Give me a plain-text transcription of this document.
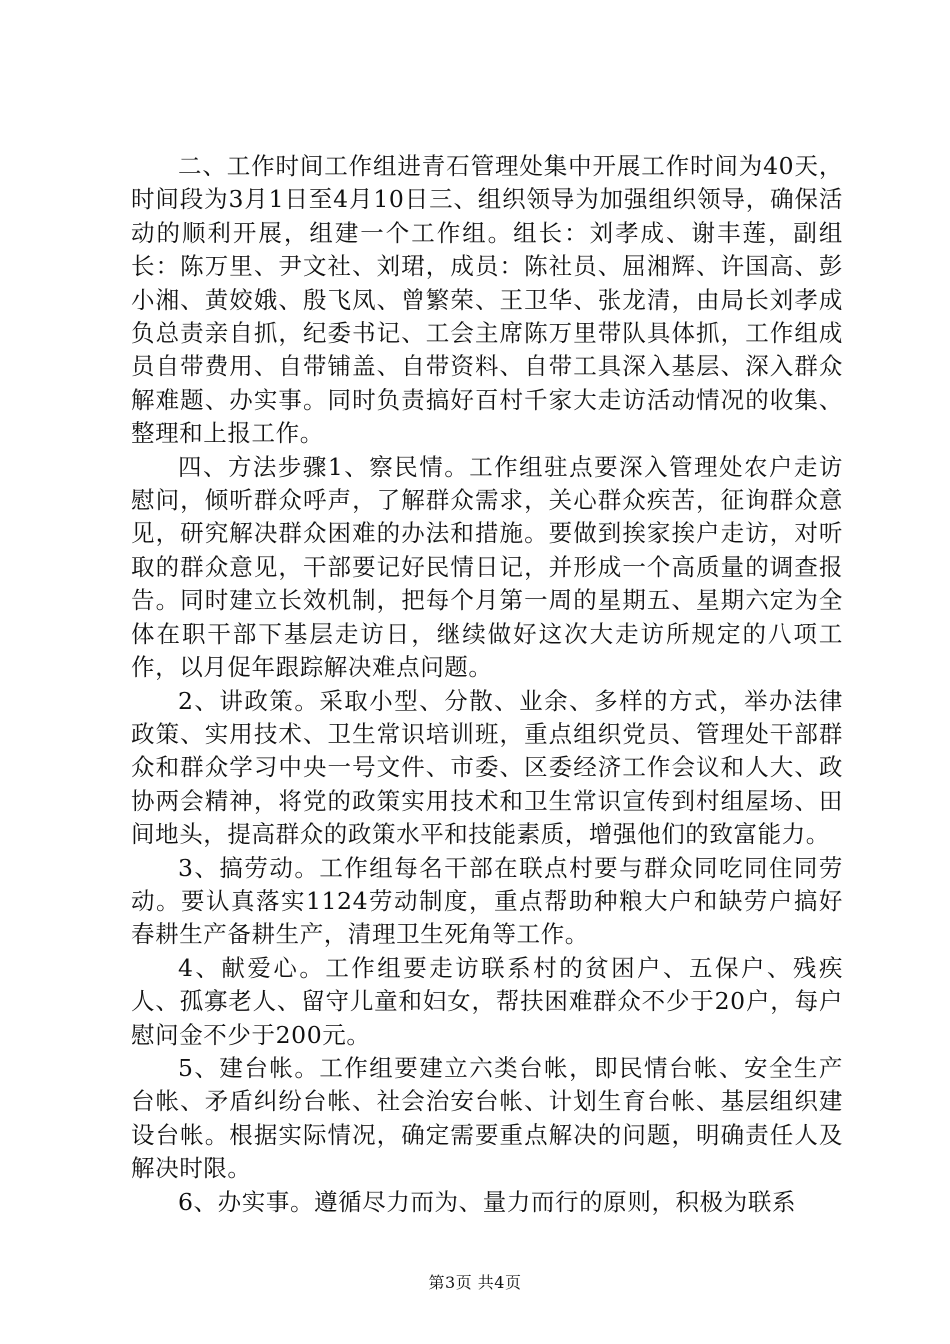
二、工作时间工作组进青石管理处集中开展工作时间为40天，时间段为3月1日至4月10日三、组织领导为加强组织领导，确保活动的顺利开展，组建一个工作组。组长：刘孝成、谢丰莲，副组长：陈万里、尹文社、刘珺，成员：陈社员、屈湘辉、许国高、彭小湘、黄姣娥、殷飞凤、曾繁荣、王卫华、张龙清，由局长刘孝成负总责亲自抓，纪委书记、工会主席陈万里带队具体抓，工作组成员自带费用、自带铺盖、自带资料、自带工具深入基层、深入群众解难题、办实事。同时负责搞好百村千家大走访活动情况的收集、整理和上报工作。

四、方法步骤1、察民情。工作组驻点要深入管理处农户走访慰问，倾听群众呼声，了解群众需求，关心群众疾苦，征询群众意见，研究解决群众困难的办法和措施。要做到挨家挨户走访，对听取的群众意见，干部要记好民情日记，并形成一个高质量的调查报告。同时建立长效机制，把每个月第一周的星期五、星期六定为全体在职干部下基层走访日，继续做好这次大走访所规定的八项工作，以月促年跟踪解决难点问题。

2、讲政策。采取小型、分散、业余、多样的方式，举办法律政策、实用技术、卫生常识培训班，重点组织党员、管理处干部群众和群众学习中央一号文件、市委、区委经济工作会议和人大、政协两会精神，将党的政策实用技术和卫生常识宣传到村组屋场、田间地头，提高群众的政策水平和技能素质，增强他们的致富能力。

3、搞劳动。工作组每名干部在联点村要与群众同吃同住同劳动。要认真落实1124劳动制度，重点帮助种粮大户和缺劳户搞好春耕生产备耕生产，清理卫生死角等工作。

4、献爱心。工作组要走访联系村的贫困户、五保户、残疾人、孤寡老人、留守儿童和妇女，帮扶困难群众不少于20户，每户慰问金不少于200元。

5、建台帐。工作组要建立六类台帐，即民情台帐、安全生产台帐、矛盾纠纷台帐、社会治安台帐、计划生育台帐、基层组织建设台帐。根据实际情况，确定需要重点解决的问题，明确责任人及解决时限。

6、办实事。遵循尽力而为、量力而行的原则，积极为联系

第3页 共4页
